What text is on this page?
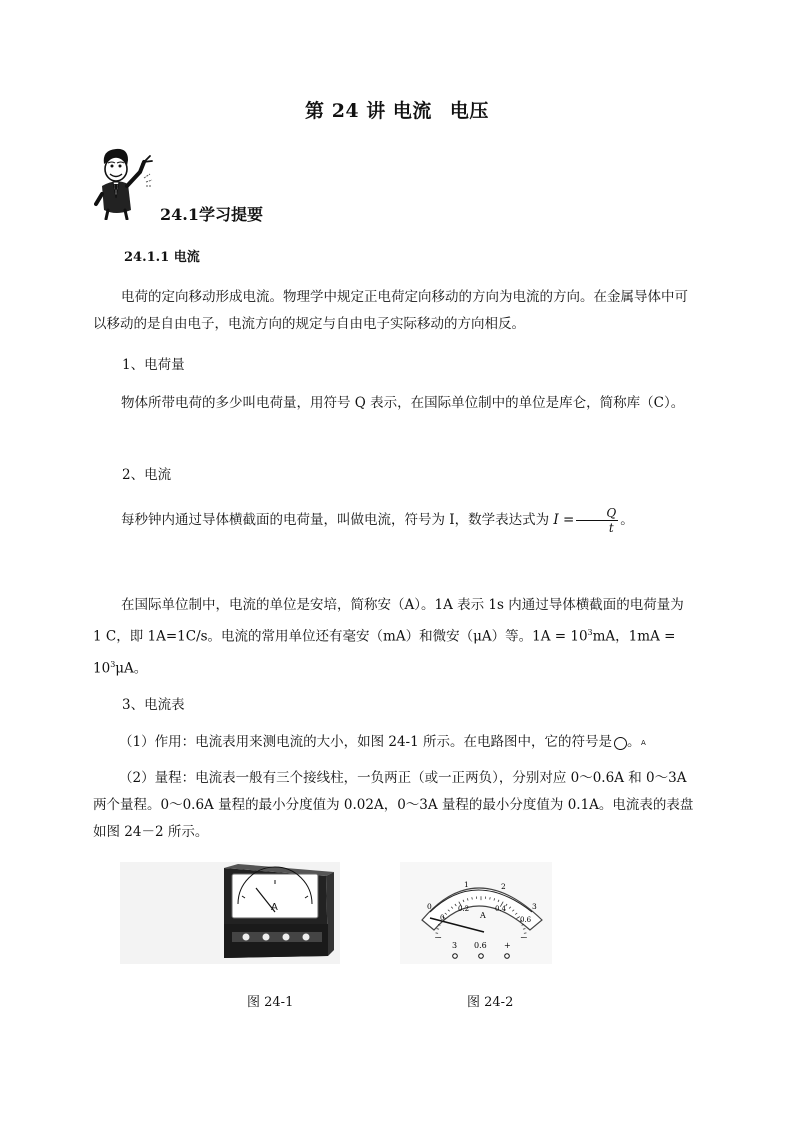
第 24 讲 电流 电压
24.1学习提要
24.1.1 电流
电荷的定向移动形成电流。物理学中规定正电荷定向移动的方向为电流的方向。在金属导体中可以移动的是自由电子，电流方向的规定与自由电子实际移动的方向相反。
1、电荷量
物体所带电荷的多少叫电荷量，用符号 Q 表示，在国际单位制中的单位是库仑，简称库（C）。
2、电流
每秒钟内通过导体横截面的电荷量，叫做电流，符号为 I，数学表达式为 $I = \frac{Q}{t}$ 。
在国际单位制中，电流的单位是安培，简称安（A）。1A 表示 1s 内通过导体横截面的电荷量为 1 C，即 1A=1C/s。电流的常用单位还有毫安（mA）和微安（μA）等。$1A = 10^3mA$，$1mA = 10^3\mu A$。
3、电流表
（1）作用：电流表用来测电流的大小，如图 24-1 所示。在电路图中，它的符号是	A。
（2）量程：电流表一般有三个接线柱，一负两正（或一正两负），分别对应 0～0.6A 和 0～3A 两个量程。0～0.6A 量程的最小分度值为 0.02A，0～3A 量程的最小分度值为 0.1A。电流表的表盘如图 24－2 所示。
A	0
1	2
3
0
0.2	0.4
0.6
A
3 0.6 +
图 24-1	图 24-2
